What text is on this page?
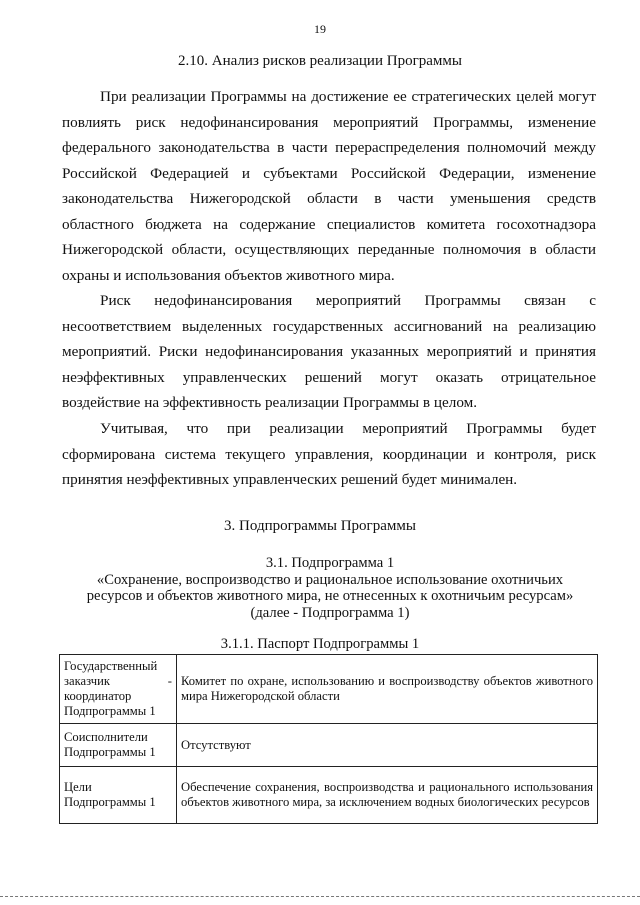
19
2.10. Анализ рисков реализации Программы

При реализации Программы на достижение ее стратегических целей могут повлиять риск недофинансирования мероприятий Программы, изменение федерального законодательства в части перераспределения полномочий между Российской Федерацией и субъектами Российской Федерации, изменение законодательства Нижегородской области в части уменьшения средств областного бюджета на содержание специалистов комитета госохотнадзора Нижегородской области, осуществляющих переданные полномочия в области охраны и использования объектов животного мира.

Риск недофинансирования мероприятий Программы связан с несоответствием выделенных государственных ассигнований на реализацию мероприятий. Риски недофинансирования указанных мероприятий и принятия неэффективных управленческих решений могут оказать отрицательное воздействие на эффективность реализации Программы в целом.

Учитывая, что при реализации мероприятий Программы будет сформирована система текущего управления, координации и контроля, риск принятия неэффективных управленческих решений будет минимален.

3. Подпрограммы Программы
3.1. Подпрограмма 1
«Сохранение, воспроизводство и рациональное использование охотничьих
ресурсов и объектов животного мира, не отнесенных к охотничьим ресурсам»
(далее - Подпрограмма 1)
3.1.1. Паспорт Подпрограммы 1
Государственный заказчик - координатор Подпрограммы 1	Комитет по охране, использованию и воспроизводству объектов животного мира Нижегородской области
Соисполнители Подпрограммы 1	Отсутствуют
Цели Подпрограммы 1	Обеспечение сохранения, воспроизводства и рационального использования объектов животного мира, за исключением водных биологических ресурсов
